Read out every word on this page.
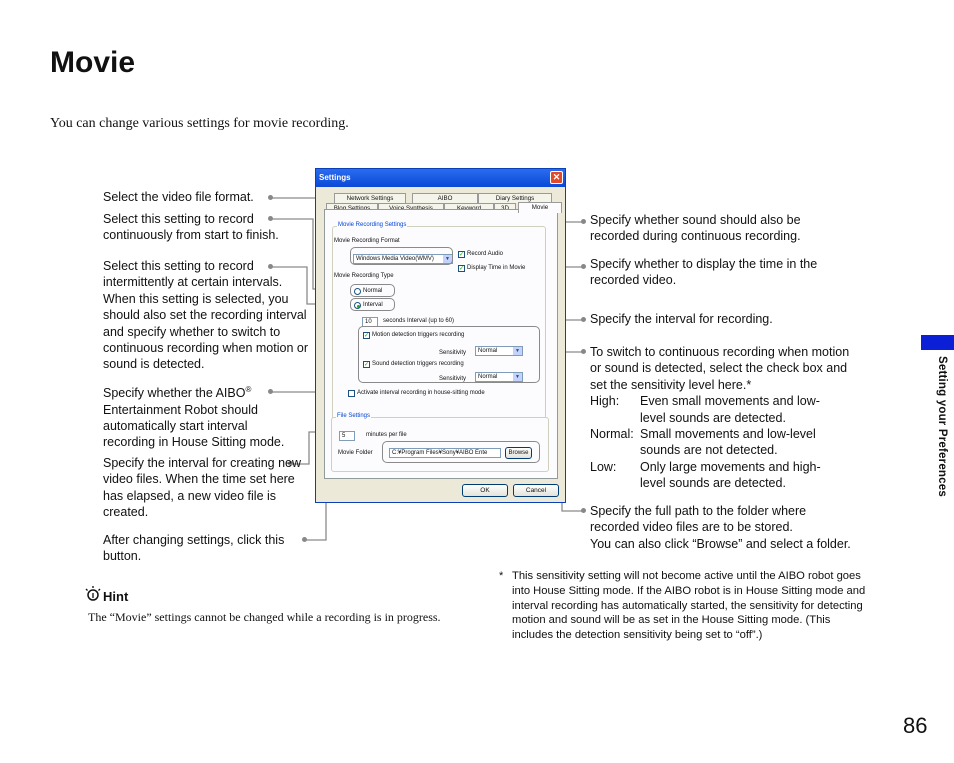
Movie
You can change various settings for movie recording.
Select the video file format.
Select this setting to record continuously from start to finish.
Select this setting to record intermittently at certain intervals. When this setting is selected, you should also set the recording interval and specify whether to switch to continuous recording when motion or sound is detected.
Specify whether the AIBO® Entertainment Robot should automatically start interval recording in House Sitting mode.
Specify the interval for creating new video files. When the time set here has elapsed, a new video file is created.
After changing settings, click this button.
Specify whether sound should also be recorded during continuous recording.
Specify whether to display the time in the recorded video.
Specify the interval for recording.
To switch to continuous recording when motion or sound is detected, select the check box and set the sensitivity level here.*
High:	Even small movements and low-level sounds are detected.
Normal: Small movements and low-level sounds are not detected.
Low:	Only large movements and high-level sounds are detected.
Specify the full path to the folder where recorded video files are to be stored.
You can also click “Browse” and select a folder.
Settings	✕
Network Settings	AIBO	Diary Settings
Movie
Movie Recording Settings
Movie Recording Format
Windows Media Video(WMV)	▼
✓ Record Audio
✓ Display Time in Movie
Movie Recording Type
Normal
Interval
10	seconds Interval (up to 60)
✓ Motion detection triggers recording
Sensitivity	Normal	▼
✓ Sound detection triggers recording
Sensitivity	Normal	▼
Activate interval recording in house-sitting mode
File Settings
5	minutes per file
Movie Folder	C:¥Program Files¥Sony¥AIBO Ente	Browse
OK	Cancel	Setting your Preferences
Hint
The “Movie” settings cannot be changed while a recording is in progress.
* This sensitivity setting will not become active until the AIBO robot goes into House Sitting mode. If the AIBO robot is in House Sitting mode and interval recording has automatically started, the sensitivity for detecting motion and sound will be as set in the House Sitting mode. (This includes the detection sensitivity being set to “off”.)
86
